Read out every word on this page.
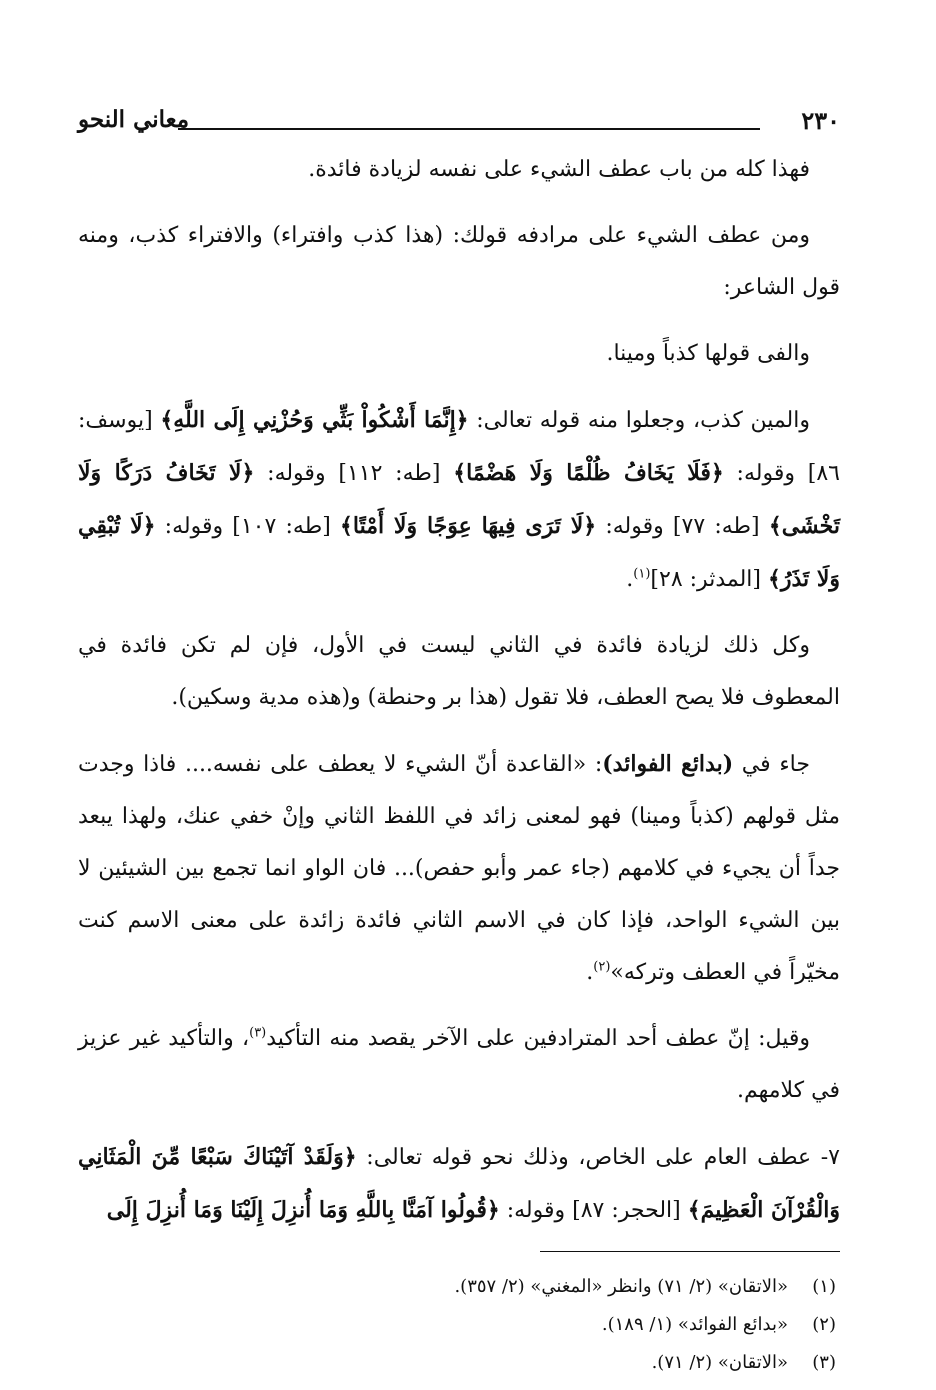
٢٣٠
معاني النحو

فهذا كله من باب عطف الشيء على نفسه لزيادة فائدة.

ومن عطف الشيء على مرادفه قولك: (هذا كذب وافتراء) والافتراء كذب، ومنه قول الشاعر:

والفى قولها كذباً ومينا.

والمين كذب، وجعلوا منه قوله تعالى: ﴿إِنَّمَا أَشْكُواْ بَثِّي وَحُزْنِي إِلَى اللَّهِ﴾ [يوسف: ٨٦] وقوله: ﴿فَلَا يَخَافُ ظُلْمًا وَلَا هَضْمًا﴾ [طه: ١١٢] وقوله: ﴿لَا تَخَافُ دَرَكًا وَلَا تَخْشَى﴾ [طه: ٧٧] وقوله: ﴿لَا تَرَى فِيهَا عِوَجًا وَلَا أَمْتًا﴾ [طه: ١٠٧] وقوله: ﴿لَا تُبْقِي وَلَا تَذَرُ﴾ [المدثر: ٢٨]$^{(١)}$.

وكل ذلك لزيادة فائدة في الثاني ليست في الأول، فإن لم تكن فائدة في المعطوف فلا يصح العطف، فلا تقول (هذا بر وحنطة) و(هذه مدية وسكين).

جاء في (بدائع الفوائد): «القاعدة أنّ الشيء لا يعطف على نفسه.... فاذا وجدت مثل قولهم (كذباً ومينا) فهو لمعنى زائد في اللفظ الثاني وإنْ خفي عنك، ولهذا يبعد جداً أن يجيء في كلامهم (جاء عمر وأبو حفص)... فان الواو انما تجمع بين الشيئين لا بين الشيء الواحد، فإذا كان في الاسم الثاني فائدة زائدة على معنى الاسم كنت مخيّراً في العطف وتركه»$^{(٢)}$.

وقيل: إنّ عطف أحد المترادفين على الآخر يقصد منه التأكيد$^{(٣)}$، والتأكيد غير عزيز في كلامهم.

٧- عطف العام على الخاص، وذلك نحو قوله تعالى: ﴿وَلَقَدْ آتَيْنَاكَ سَبْعًا مِّنَ الْمَثَانِي وَالْقُرْآنَ الْعَظِيمَ﴾ [الحجر: ٨٧] وقوله: ﴿قُولُوا آمَنَّا بِاللَّهِ وَمَا أُنزِلَ إِلَيْنَا وَمَا أُنزِلَ إِلَى

(١)
«الاتقان» (٢/ ٧١) وانظر «المغني» (٢/ ٣٥٧).
(٢)
«بدائع الفوائد» (١/ ١٨٩).
(٣)
«الاتقان» (٢/ ٧١).
